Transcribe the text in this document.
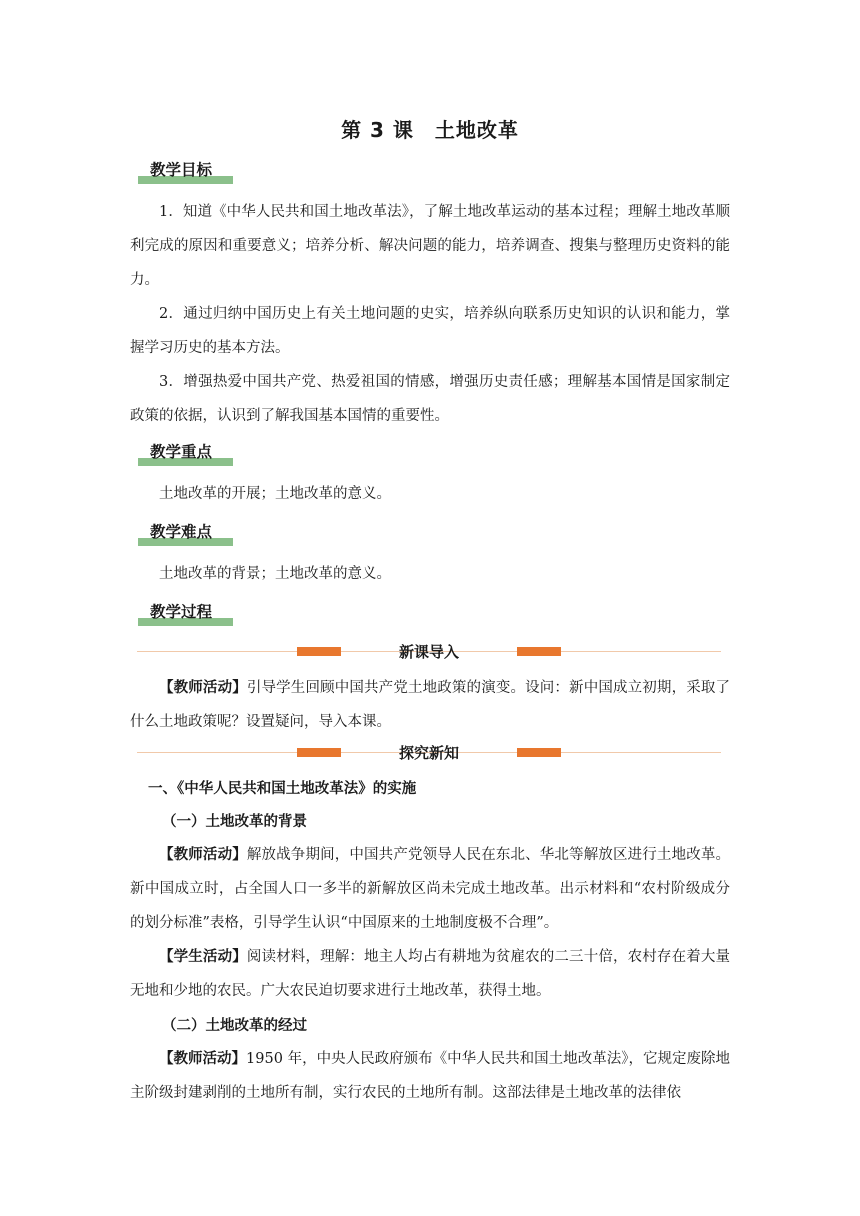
第 3 课　土地改革
教学目标

1．知道《中华人民共和国土地改革法》，了解土地改革运动的基本过程；理解土地改革顺利完成的原因和重要意义；培养分析、解决问题的能力，培养调查、搜集与整理历史资料的能力。

2．通过归纳中国历史上有关土地问题的史实，培养纵向联系历史知识的认识和能力，掌握学习历史的基本方法。

3．增强热爱中国共产党、热爱祖国的情感，增强历史责任感；理解基本国情是国家制定政策的依据，认识到了解我国基本国情的重要性。

教学重点

土地改革的开展；土地改革的意义。

教学难点

土地改革的背景；土地改革的意义。

教学过程
新课导入

【教师活动】引导学生回顾中国共产党土地政策的演变。设问：新中国成立初期，采取了什么土地政策呢？设置疑问，导入本课。

探究新知
一、《中华人民共和国土地改革法》的实施
（一）土地改革的背景

【教师活动】解放战争期间，中国共产党领导人民在东北、华北等解放区进行土地改革。新中国成立时，占全国人口一多半的新解放区尚未完成土地改革。出示材料和“农村阶级成分的划分标准”表格，引导学生认识“中国原来的土地制度极不合理”。

【学生活动】阅读材料，理解：地主人均占有耕地为贫雇农的二三十倍，农村存在着大量无地和少地的农民。广大农民迫切要求进行土地改革，获得土地。

（二）土地改革的经过

【教师活动】1950 年，中央人民政府颁布《中华人民共和国土地改革法》，它规定废除地主阶级封建剥削的土地所有制，实行农民的土地所有制。这部法律是土地改革的法律依
